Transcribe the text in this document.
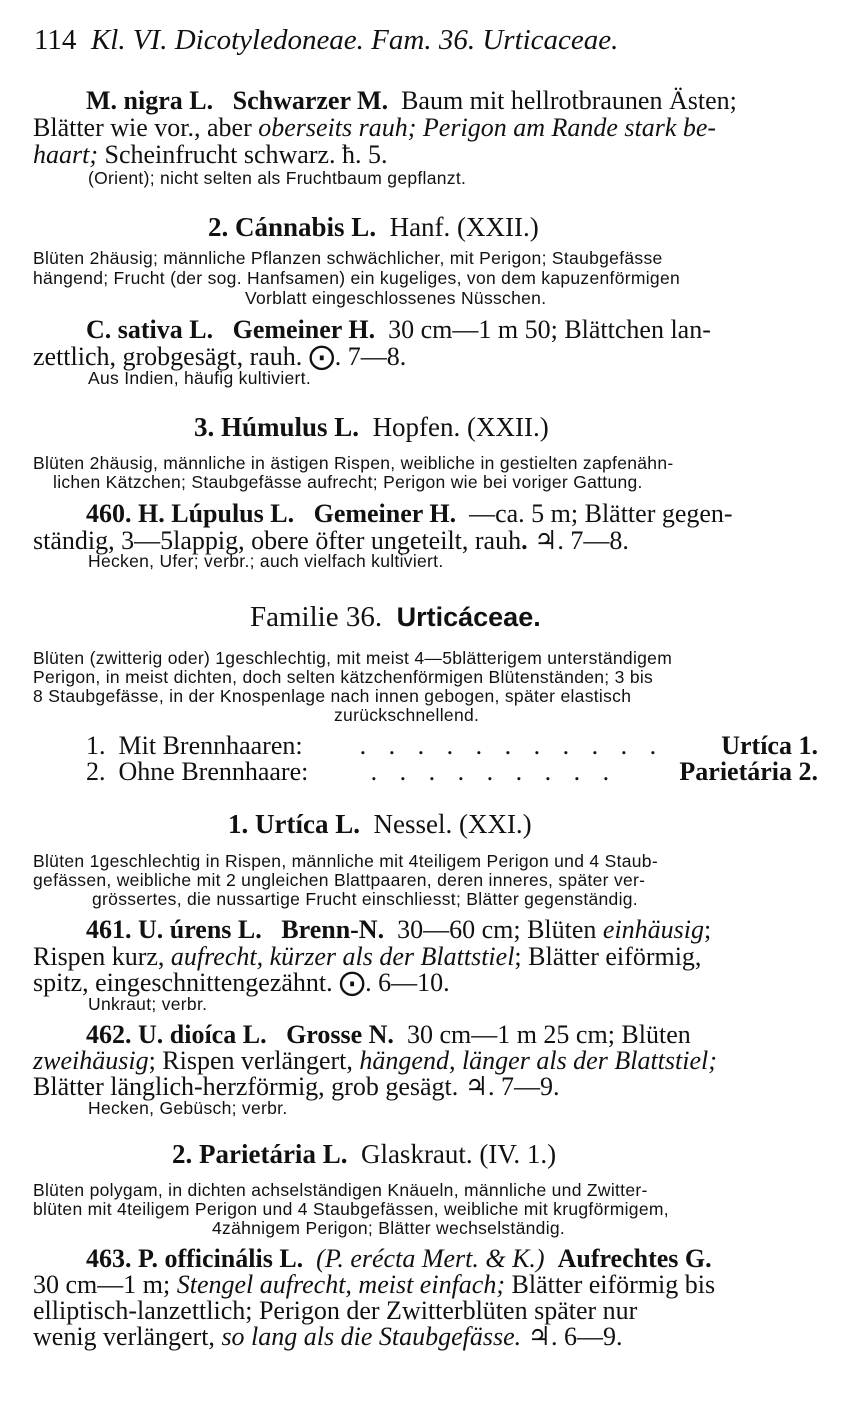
114 Kl. VI. Dicotyledoneae. Fam. 36. Urticaceae.
M. nigra L. Schwarzer M. Baum mit hellrotbraunen Ästen;
Blätter wie vor., aber oberseits rauh; Perigon am Rande stark be-
haart; Scheinfrucht schwarz. ħ. 5.
(Orient); nicht selten als Fruchtbaum gepflanzt.
2. Cánnabis L. Hanf. (XXII.)
Blüten 2häusig; männliche Pflanzen schwächlicher, mit Perigon; Staubgefässe
hängend; Frucht (der sog. Hanfsamen) ein kugeliges, von dem kapuzenförmigen
Vorblatt eingeschlossenes Nüsschen.
C. sativa L. Gemeiner H. 30 cm—1 m 50; Blättchen lan-
zettlich, grobgesägt, rauh. ⨀. 7—8.
Aus Indien, häufig kultiviert.
3. Húmulus L. Hopfen. (XXII.)
Blüten 2häusig, männliche in ästigen Rispen, weibliche in gestielten zapfenähn-
lichen Kätzchen; Staubgefässe aufrecht; Perigon wie bei voriger Gattung.
460. H. Lúpulus L. Gemeiner H. —ca. 5 m; Blätter gegen-
ständig, 3—5lappig, obere öfter ungeteilt, rauh. ♃. 7—8.
Hecken, Ufer; verbr.; auch vielfach kultiviert.
Familie 36. Urticáceae.
Blüten (zwitterig oder) 1geschlechtig, mit meist 4—5blätterigem unterständigem
Perigon, in meist dichten, doch selten kätzchenförmigen Blütenständen; 3 bis
8 Staubgefässe, in der Knospenlage nach innen gebogen, später elastisch
zurückschnellend.
1. Mit Brennhaaren: . . . . . . . . . . . Urtíca 1.
2. Ohne Brennhaare: . . . . . . . . . Parietária 2.
1. Urtíca L. Nessel. (XXI.)
Blüten 1geschlechtig in Rispen, männliche mit 4teiligem Perigon und 4 Staub-
gefässen, weibliche mit 2 ungleichen Blattpaaren, deren inneres, später ver-
grössertes, die nussartige Frucht einschliesst; Blätter gegenständig.
461. U. úrens L. Brenn-N. 30—60 cm; Blüten einhäusig;
Rispen kurz, aufrecht, kürzer als der Blattstiel; Blätter eiförmig,
spitz, eingeschnittengezähnt. ⨀. 6—10.
Unkraut; verbr.
462. U. dioíca L. Grosse N. 30 cm—1 m 25 cm; Blüten
zweihäusig; Rispen verlängert, hängend, länger als der Blattstiel;
Blätter länglich-herzförmig, grob gesägt. ♃. 7—9.
Hecken, Gebüsch; verbr.
2. Parietária L. Glaskraut. (IV. 1.)
Blüten polygam, in dichten achselständigen Knäueln, männliche und Zwitter-
blüten mit 4teiligem Perigon und 4 Staubgefässen, weibliche mit krugförmigem,
4zähnigem Perigon; Blätter wechselständig.
463. P. officinális L. (P. erécta Mert. & K.) Aufrechtes G.
30 cm—1 m; Stengel aufrecht, meist einfach; Blätter eiförmig bis
elliptisch-lanzettlich; Perigon der Zwitterblüten später nur
wenig verlängert, so lang als die Staubgefässe. ♃. 6—9.
